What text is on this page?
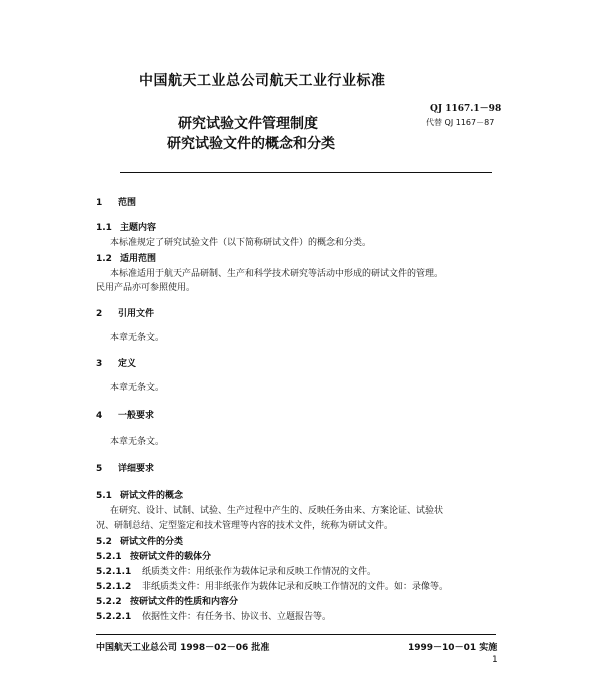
中国航天工业总公司航天工业行业标准
QJ 1167.1－98
代替 QJ 1167－87
研究试验文件管理制度
研究试验文件的概念和分类
1 范围
1.1 主题内容
本标准规定了研究试验文件（以下简称研试文件）的概念和分类。
1.2 适用范围
本标准适用于航天产品研制、生产和科学技术研究等活动中形成的研试文件的管理。
民用产品亦可参照使用。
2 引用文件
本章无条文。
3 定义
本章无条文。
4 一般要求
本章无条文。
5 详细要求
5.1 研试文件的概念
在研究、设计、试制、试验、生产过程中产生的、反映任务由来、方案论证、试验状
况、研制总结、定型鉴定和技术管理等内容的技术文件，统称为研试文件。
5.2 研试文件的分类
5.2.1 按研试文件的载体分
5.2.1.1 纸质类文件：用纸张作为载体记录和反映工作情况的文件。
5.2.1.2 非纸质类文件：用非纸张作为载体记录和反映工作情况的文件。如：录像等。
5.2.2 按研试文件的性质和内容分
5.2.2.1 依据性文件：有任务书、协议书、立题报告等。
中国航天工业总公司 1998－02－06 批准	1999－10－01 实施
1
